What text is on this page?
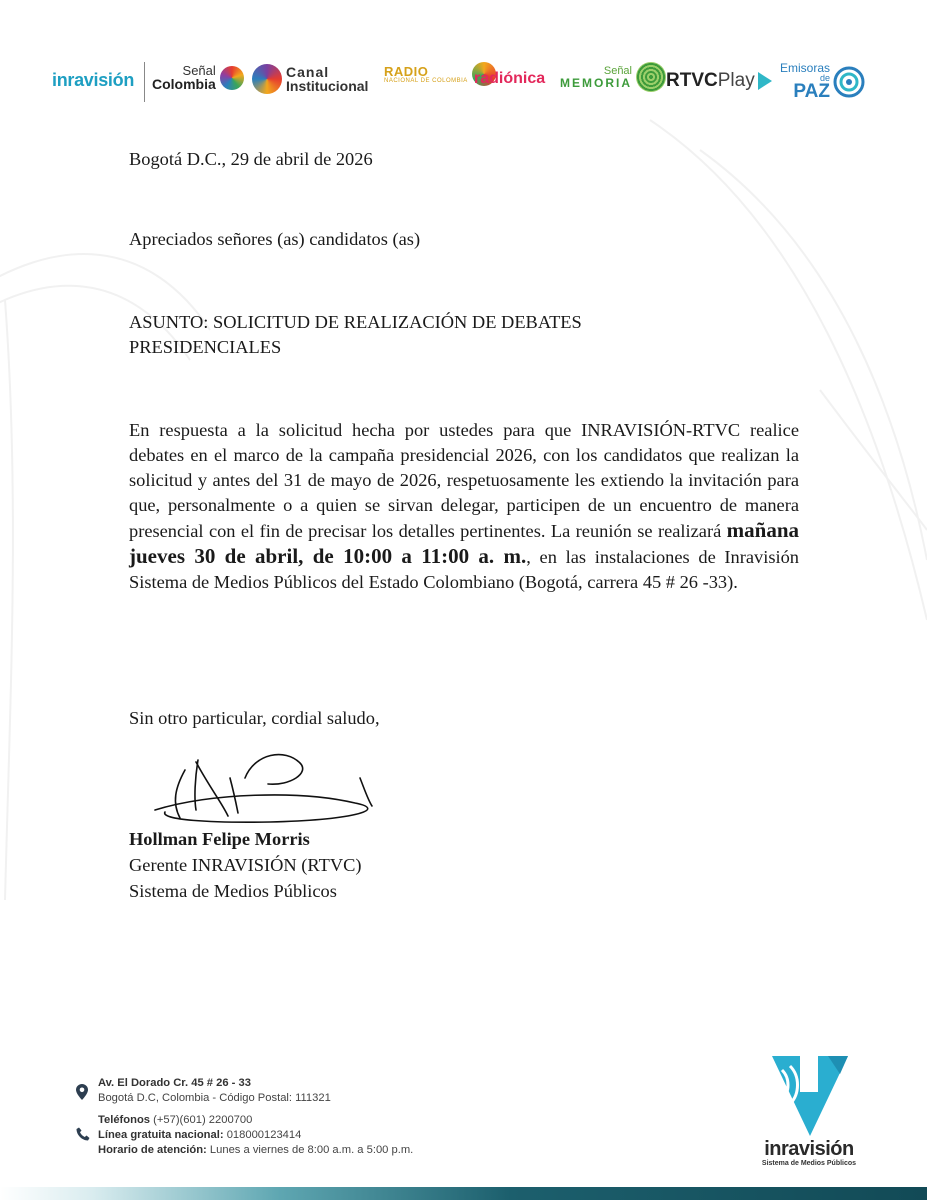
inravisión	Señal
Colombia
Canal
Institucional
RADIO
NACIONAL DE COLOMBIA radiónica	Señal
MEMORIA RTVC Play
Emisoras
de
PAZ
Bogotá D.C., 29 de abril de 2026
Apreciados señores (as) candidatos (as)
ASUNTO: SOLICITUD DE REALIZACIÓN DE DEBATES PRESIDENCIALES
En respuesta a la solicitud hecha por ustedes para que INRAVISIÓN-RTVC realice debates en el marco de la campaña presidencial 2026, con los candidatos que realizan la solicitud y antes del 31 de mayo de 2026, respetuosamente les extiendo la invitación para que, personalmente o a quien se sirvan delegar, participen de un encuentro de manera presencial con el fin de precisar los detalles pertinentes. La reunión se realizará mañana jueves 30 de abril, de 10:00 a 11:00 a. m., en las instalaciones de Inravisión Sistema de Medios Públicos del Estado Colombiano (Bogotá, carrera 45 # 26 -33).
Sin otro particular, cordial saludo,
Hollman Felipe Morris
Gerente INRAVISIÓN (RTVC)
Sistema de Medios Públicos
Av. El Dorado Cr. 45 # 26 - 33
Bogotá D.C, Colombia - Código Postal: 111321
Teléfonos (+57)(601) 2200700
Línea gratuita nacional: 018000123414
Horario de atención: Lunes a viernes de 8:00 a.m. a 5:00 p.m.	inravisión
Sistema de Medios Públicos
